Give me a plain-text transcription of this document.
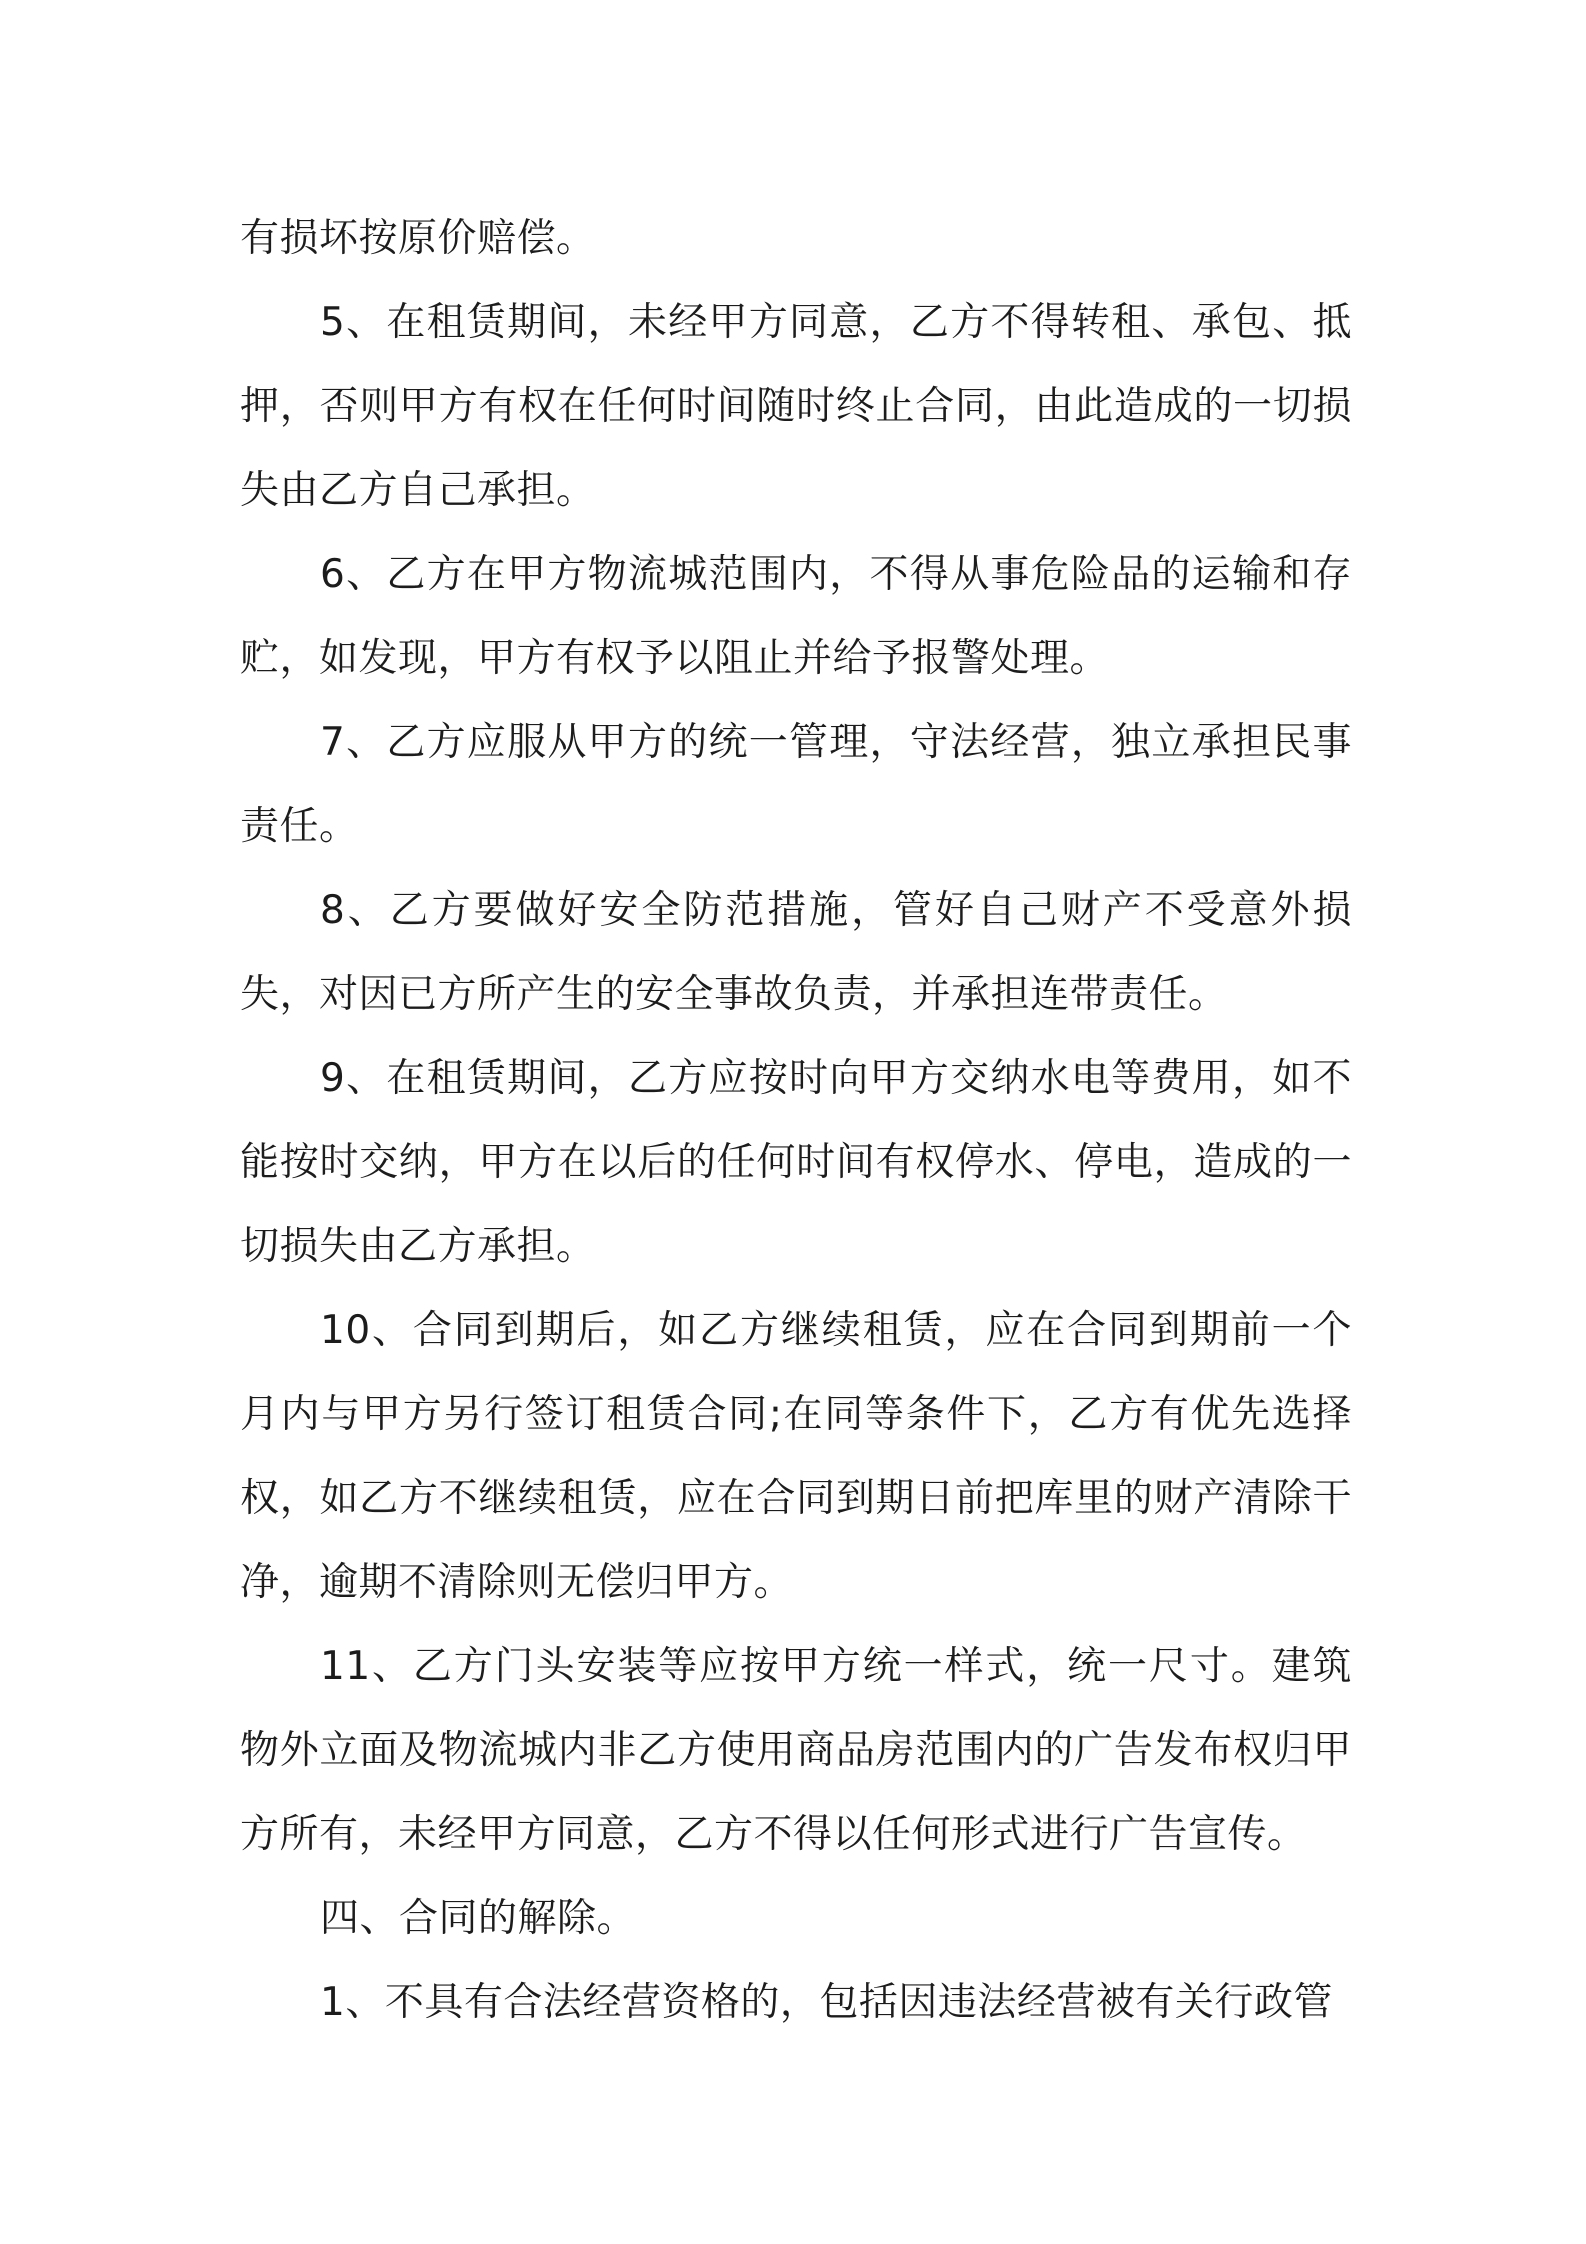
有损坏按原价赔偿。

5、在租赁期间，未经甲方同意，乙方不得转租、承包、抵押，否则甲方有权在任何时间随时终止合同，由此造成的一切损失由乙方自己承担。

6、乙方在甲方物流城范围内，不得从事危险品的运输和存贮，如发现，甲方有权予以阻止并给予报警处理。

7、乙方应服从甲方的统一管理，守法经营，独立承担民事责任。

8、乙方要做好安全防范措施，管好自己财产不受意外损失，对因已方所产生的安全事故负责，并承担连带责任。

9、在租赁期间，乙方应按时向甲方交纳水电等费用，如不能按时交纳，甲方在以后的任何时间有权停水、停电，造成的一切损失由乙方承担。

10、合同到期后，如乙方继续租赁，应在合同到期前一个月内与甲方另行签订租赁合同;在同等条件下，乙方有优先选择权，如乙方不继续租赁，应在合同到期日前把库里的财产清除干净，逾期不清除则无偿归甲方。

11、乙方门头安装等应按甲方统一样式，统一尺寸。建筑物外立面及物流城内非乙方使用商品房范围内的广告发布权归甲方所有，未经甲方同意，乙方不得以任何形式进行广告宣传。

四、合同的解除。

1、不具有合法经营资格的，包括因违法经营被有关行政管
